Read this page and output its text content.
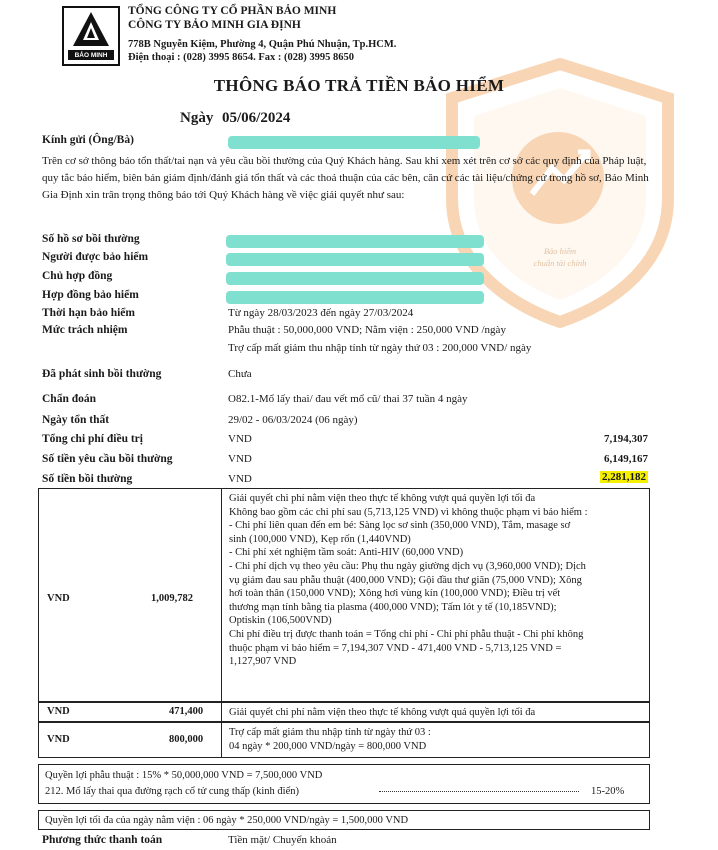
BẢO MINH
TỔNG CÔNG TY CỔ PHẦN BẢO MINH
CÔNG TY BẢO MINH GIA ĐỊNH
778B Nguyễn Kiệm, Phường 4, Quận Phú Nhuận, Tp.HCM.
Điện thoại : (028) 3995 8654. Fax : (028) 3995 8650
Bảo hiểm
chuẩn tài chính
THÔNG BÁO TRẢ TIỀN BẢO HIỂM
Ngày 05/06/2024
Kính gửi (Ông/Bà)
Trên cơ sở thông báo tổn thất/tai nạn và yêu cầu bồi thường của Quý Khách hàng. Sau khi xem xét trên cơ sở các quy định của Pháp luật, quy tắc bảo hiểm, biên bản giám định/đánh giá tổn thất và các thoả thuận của các bên, căn cứ các tài liệu/chứng cứ trong hồ sơ, Bảo Minh Gia Định xin trân trọng thông báo tới Quý Khách hàng về việc giải quyết như sau:
Số hồ sơ bồi thường
Người được bảo hiểm
Chủ hợp đồng
Hợp đồng bảo hiểm
Thời hạn bảo hiểm	Từ ngày 28/03/2023 đến ngày 27/03/2024
Mức trách nhiệm	Phẫu thuật : 50,000,000 VND; Nằm viện : 250,000 VND /ngày
Trợ cấp mất giảm thu nhập tính từ ngày thứ 03 : 200,000 VND/ ngày
Đã phát sinh bồi thường	Chưa
Chẩn đoán	O82.1-Mổ lấy thai/ đau vết mổ cũ/ thai 37 tuần 4 ngày
Ngày tổn thất	29/02 - 06/03/2024 (06 ngày)
Tổng chi phí điều trị	VND	7,194,307
Số tiền yêu cầu bồi thường	VND	6,149,167
Số tiền bồi thường	VND	2,281,182
VND	1,009,782
Giải quyết chi phí nằm viện theo thực tế không vượt quá quyền lợi tối đa
Không bao gồm các chi phí sau (5,713,125 VND) vì không thuộc phạm vi bảo hiểm :
- Chi phí liên quan đến em bé: Sàng lọc sơ sinh (350,000 VND), Tắm, masage sơ
sinh (100,000 VND), Kẹp rốn (1,440VND)
- Chi phí xét nghiệm tầm soát: Anti-HIV (60,000 VND)
- Chi phí dịch vụ theo yêu cầu: Phụ thu ngày giường dịch vụ (3,960,000 VND); Dịch
vụ giảm đau sau phẫu thuật (400,000 VND); Gội đầu thư giãn (75,000 VND); Xông
hơi toàn thân (150,000 VND); Xông hơi vùng kín (100,000 VND); Điều trị vết
thương mạn tính bằng tia plasma (400,000 VND); Tấm lót y tế (10,185VND);
Optiskin (106,500VND)
Chi phí điều trị được thanh toán = Tổng chi phí - Chi phí phẫu thuật - Chi phí không
thuộc phạm vi bảo hiểm = 7,194,307 VND - 471,400 VND - 5,713,125 VND =
1,127,907 VND
VND	471,400 Giải quyết chi phí nằm viện theo thực tế không vượt quá quyền lợi tối đa
VND	800,000
Trợ cấp mất giảm thu nhập tính từ ngày thứ 03 :
04 ngày * 200,000 VND/ngày = 800,000 VND
Quyền lợi phẫu thuật : 15% * 50,000,000 VND = 7,500,000 VND
212. Mổ lấy thai qua đường rạch cổ tử cung thấp (kinh điển)	15-20%
Quyền lợi tối đa của ngày nằm viện : 06 ngày * 250,000 VND/ngày = 1,500,000 VND
Phương thức thanh toán	Tiền mặt/ Chuyển khoản
